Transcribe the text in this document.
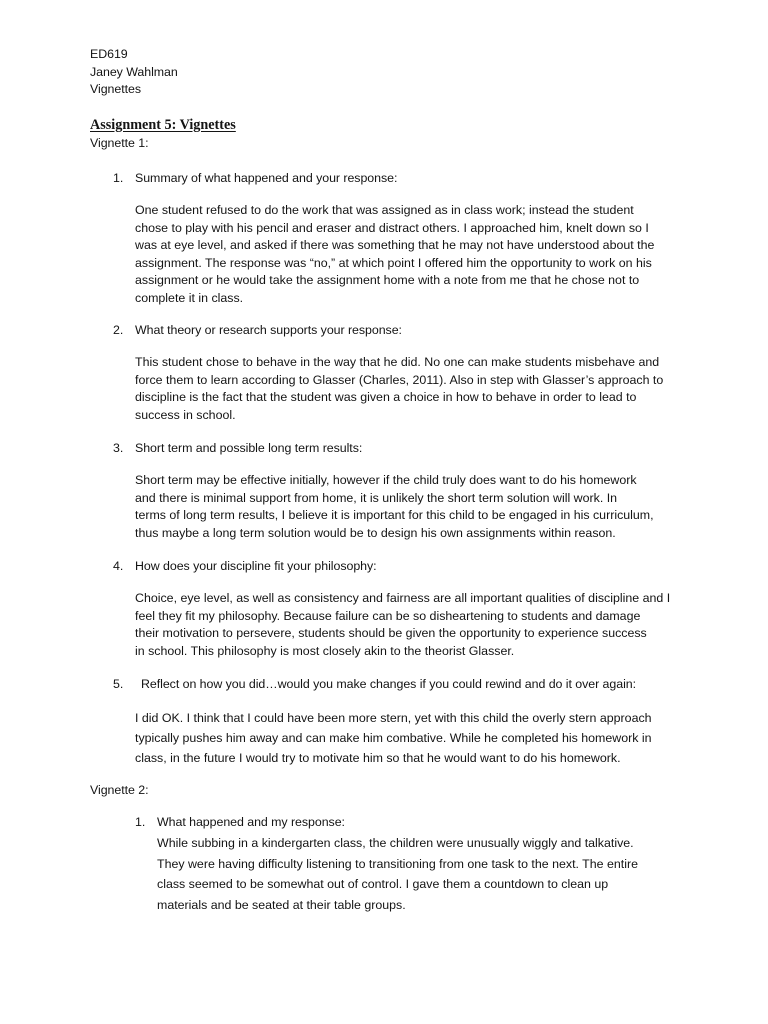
ED619
Janey Wahlman
Vignettes
Assignment 5: Vignettes
Vignette 1:
1. Summary of what happened and your response:
One student refused to do the work that was assigned as in class work; instead the student
chose to play with his pencil and eraser and distract others. I approached him, knelt down so I
was at eye level, and asked if there was something that he may not have understood about the
assignment. The response was “no,” at which point I offered him the opportunity to work on his
assignment or he would take the assignment home with a note from me that he chose not to
complete it in class.
2. What theory or research supports your response:
This student chose to behave in the way that he did. No one can make students misbehave and
force them to learn according to Glasser (Charles, 2011). Also in step with Glasser’s approach to
discipline is the fact that the student was given a choice in how to behave in order to lead to
success in school.
3. Short term and possible long term results:
Short term may be effective initially, however if the child truly does want to do his homework
and there is minimal support from home, it is unlikely the short term solution will work. In
terms of long term results, I believe it is important for this child to be engaged in his curriculum,
thus maybe a long term solution would be to design his own assignments within reason.
4. How does your discipline fit your philosophy:
Choice, eye level, as well as consistency and fairness are all important qualities of discipline and I
feel they fit my philosophy. Because failure can be so disheartening to students and damage
their motivation to persevere, students should be given the opportunity to experience success
in school. This philosophy is most closely akin to the theorist Glasser.
5. Reflect on how you did…would you make changes if you could rewind and do it over again:
I did OK. I think that I could have been more stern, yet with this child the overly stern approach
typically pushes him away and can make him combative. While he completed his homework in
class, in the future I would try to motivate him so that he would want to do his homework.
Vignette 2:
1. What happened and my response:
While subbing in a kindergarten class, the children were unusually wiggly and talkative.
They were having difficulty listening to transitioning from one task to the next. The entire
class seemed to be somewhat out of control. I gave them a countdown to clean up
materials and be seated at their table groups.
